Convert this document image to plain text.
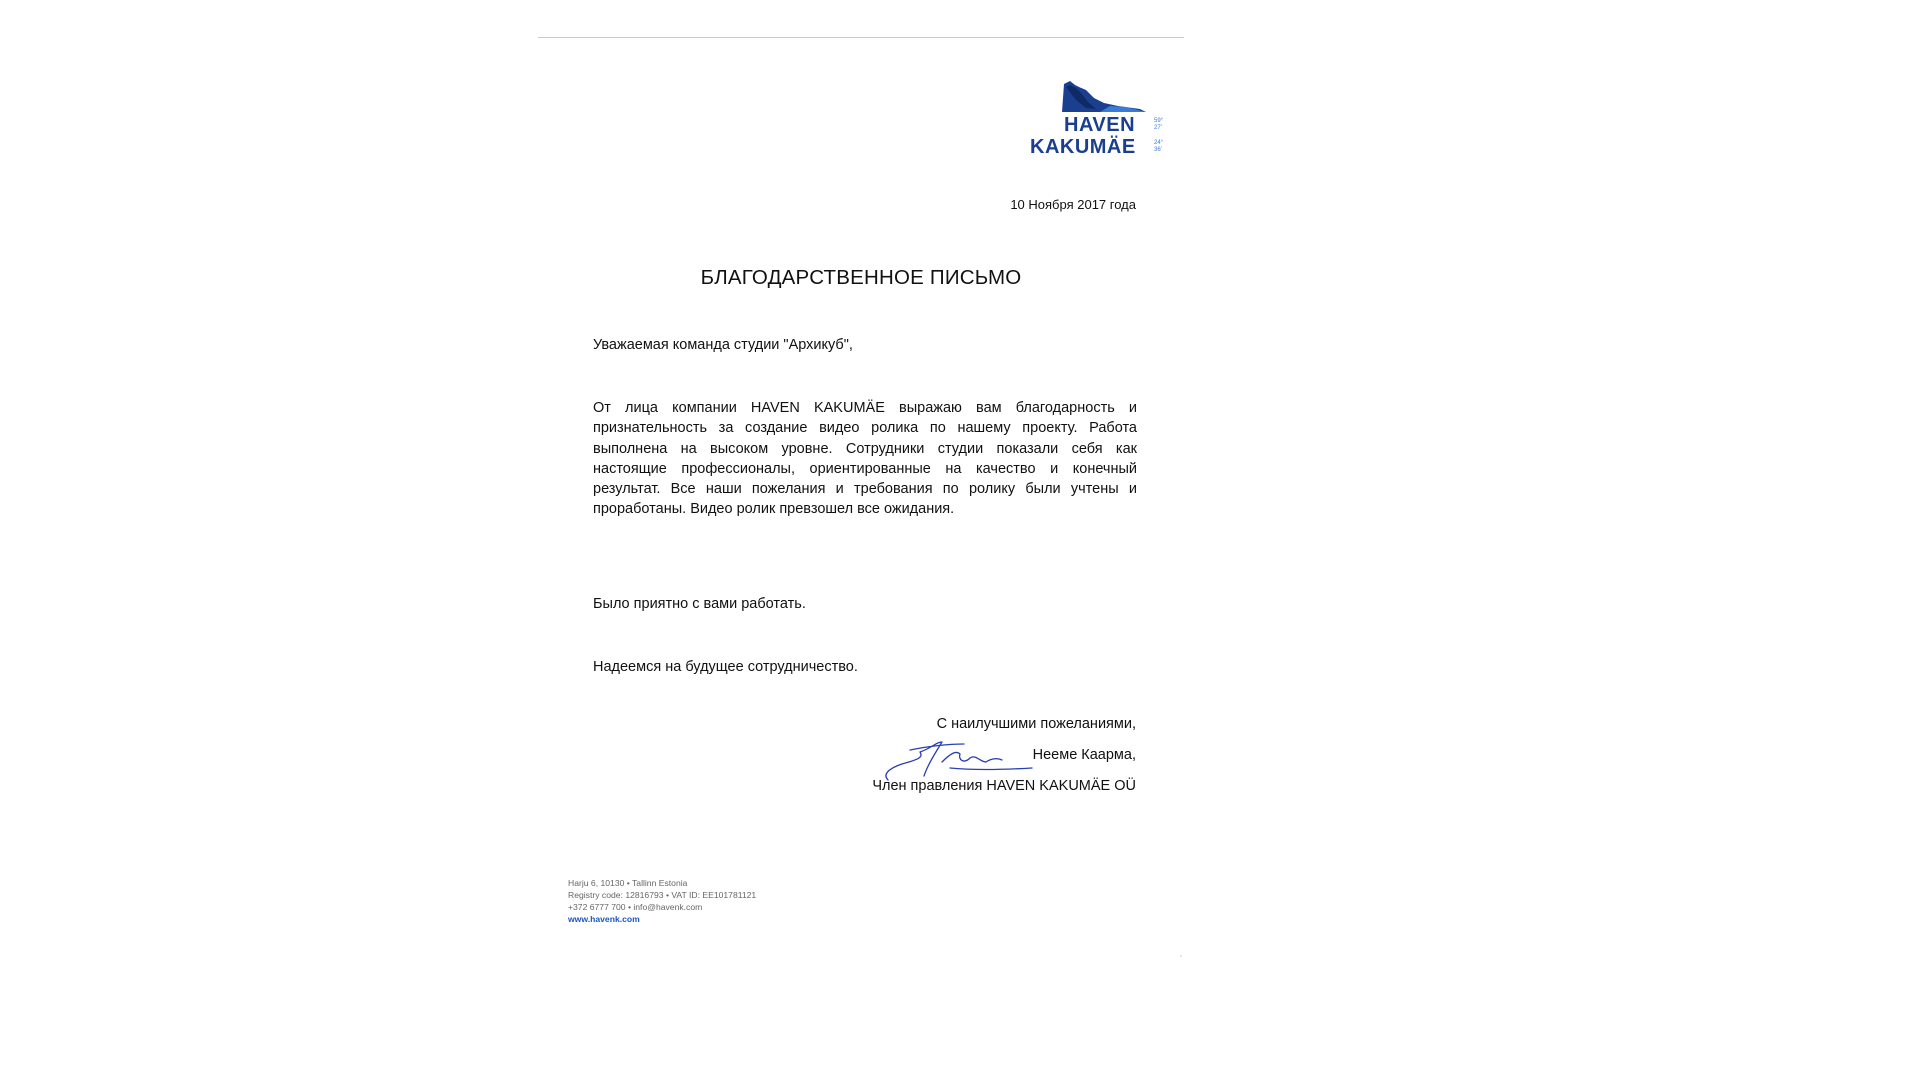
HAVEN	59°
27'
KAKUMÄE	24°
36'
10 Ноября 2017 года
БЛАГОДАРСТВЕННОЕ ПИСЬМО
Уважаемая команда студии "Архикуб",
От лица компании HAVEN KAKUMÄE выражаю вам благодарность и признательность за создание видео ролика по нашему проекту. Работа выполнена на высоком уровне. Сотрудники студии показали себя как настоящие профессионалы, ориентированные на качество и конечный результат. Все наши пожелания и требования по ролику были учтены и проработаны. Видео ролик превзошел все ожидания.
Было приятно с вами работать.
Надеемся на будущее сотрудничество.
С наилучшими пожеланиями,
Нееме Каарма,
Член правления HAVEN KAKUMÄE OÜ
Harju 6, 10130 • Tallinn Estonia
Registry code: 12816793 • VAT ID: EE101781121
+372 6777 700 • info@havenk.com
www.havenk.com
